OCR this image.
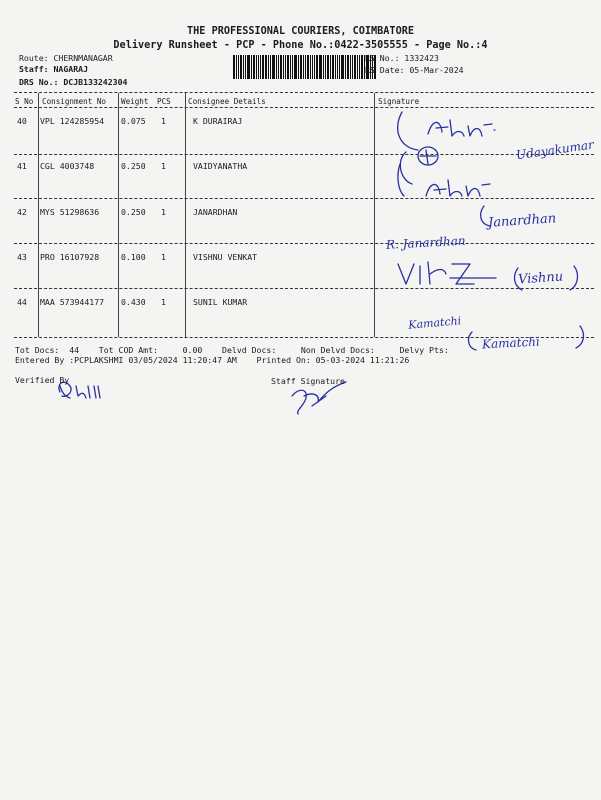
THE PROFESSIONAL COURIERS, COIMBATORE
Delivery Runsheet - PCP - Phone No.:0422-3505555 - Page No.:4
Route: CHERNMANAGAR
Staff: NAGARAJ
DRS No.: DCJB133242304
RS No.: 1332423
RS Date: 05-Mar-2024
S No Consignment No Weight PCS Consignee Details	Signature
40 VPL 124285954 0.075 1	K DURAIRAJ
41 CGL 4003748	0.250 1	VAIDYANATHA
42 MYS 51298636	0.250 1	JANARDHAN
43 PRO 16107928	0.100 1	VISHNU VENKAT
44 MAA 573944177 0.430 1	SUNIL KUMAR
Udayakumar
Janardhan
R. Janardhan
Vishnu
Kamatchi
Kamatchi
Tot Docs:  44    Tot COD Amt:     0.00    Delvd Docs:     Non Delvd Docs:     Delvy Pts:
Entered By :PCPLAKSHMI 03/05/2024 11:20:47 AM    Printed On: 05-03-2024 11:21:26
Verified By	Staff Signature
